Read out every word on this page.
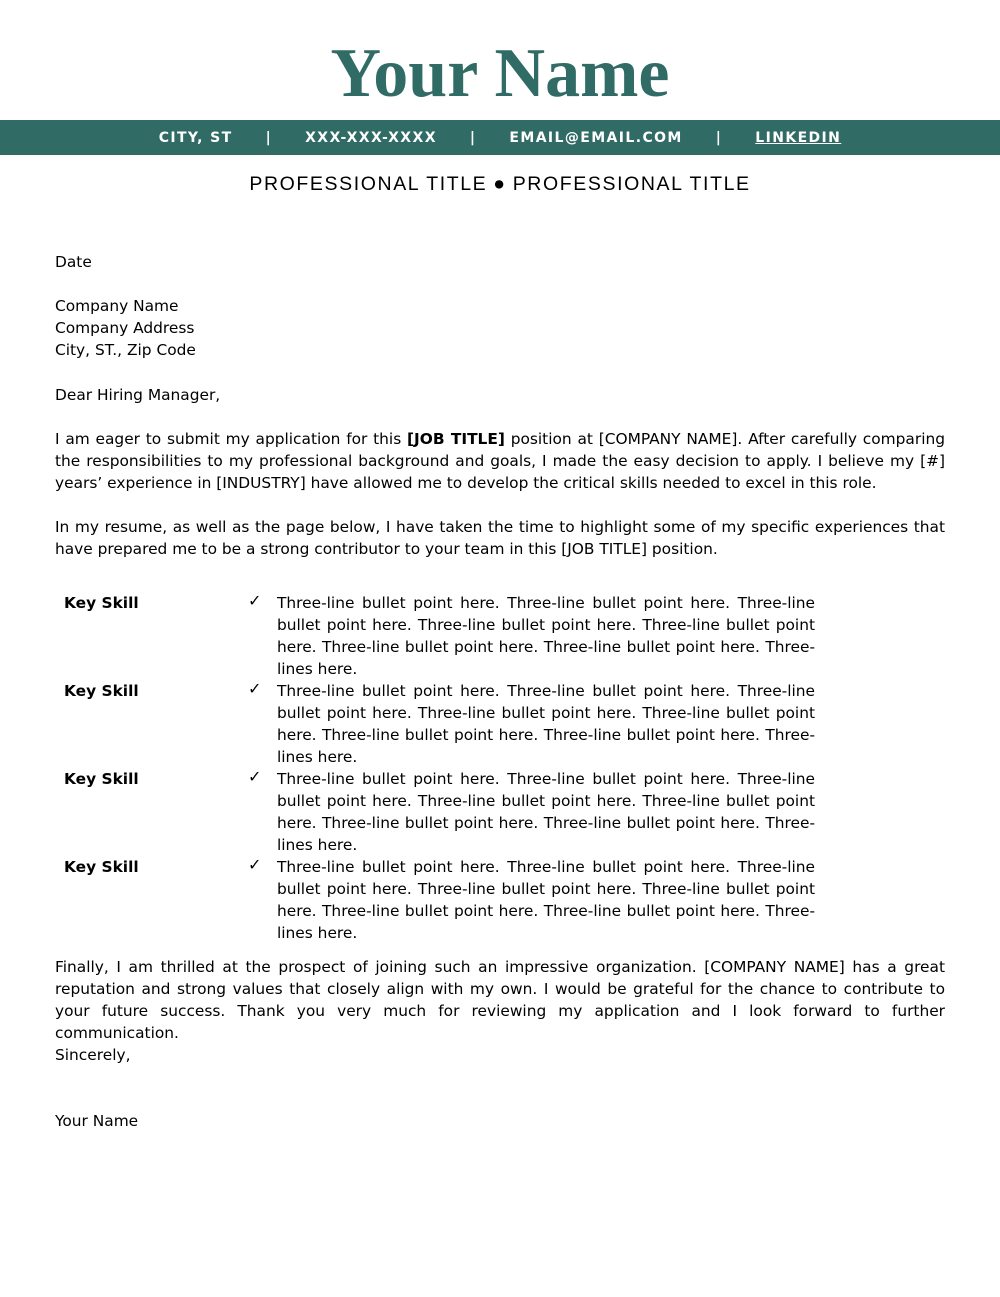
Your Name
CITY, ST | XXX-XXX-XXXX | EMAIL@EMAIL.COM | LINKEDIN
PROFESSIONAL TITLE ● PROFESSIONAL TITLE

Date

Company Name

Company Address

City, ST., Zip Code

Dear Hiring Manager,

I am eager to submit my application for this [JOB TITLE] position at [COMPANY NAME]. After carefully comparing the responsibilities to my professional background and goals, I made the easy decision to apply. I believe my [#] years’ experience in [INDUSTRY] have allowed me to develop the critical skills needed to excel in this role.

In my resume, as well as the page below, I have taken the time to highlight some of my specific experiences that have prepared me to be a strong contributor to your team in this [JOB TITLE] position.

Key Skill	✓ Three-line bullet point here. Three-line bullet point here. Three-line bullet point here. Three-line bullet point here. Three-line bullet point here. Three-line bullet point here. Three-line bullet point here. Three-lines here.
Key Skill	✓ Three-line bullet point here. Three-line bullet point here. Three-line bullet point here. Three-line bullet point here. Three-line bullet point here. Three-line bullet point here. Three-line bullet point here. Three-lines here.
Key Skill	✓ Three-line bullet point here. Three-line bullet point here. Three-line bullet point here. Three-line bullet point here. Three-line bullet point here. Three-line bullet point here. Three-line bullet point here. Three-lines here.
Key Skill	✓ Three-line bullet point here. Three-line bullet point here. Three-line bullet point here. Three-line bullet point here. Three-line bullet point here. Three-line bullet point here. Three-line bullet point here. Three-lines here.

Finally, I am thrilled at the prospect of joining such an impressive organization. [COMPANY NAME] has a great reputation and strong values that closely align with my own. I would be grateful for the chance to contribute to your future success. Thank you very much for reviewing my application and I look forward to further communication.

Sincerely,

Your Name
